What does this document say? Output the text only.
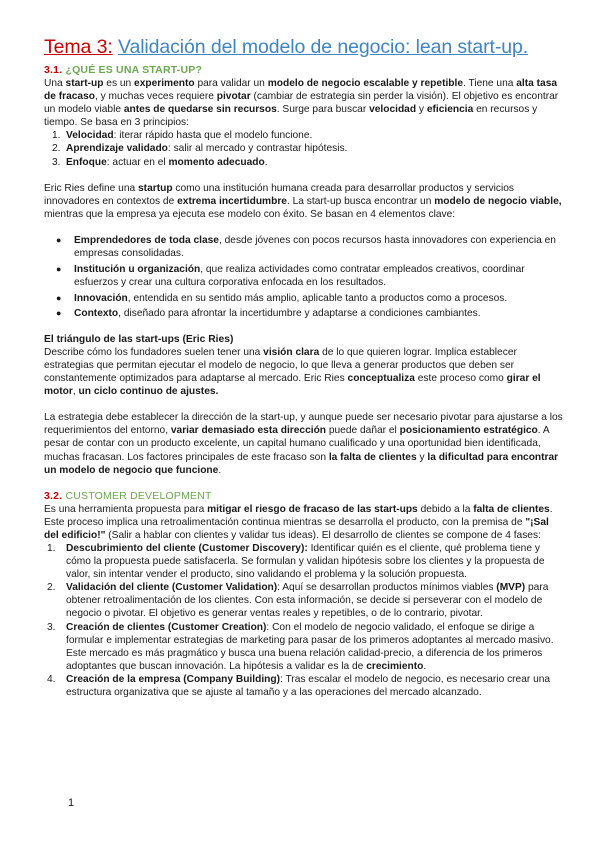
Tema 3: Validación del modelo de negocio: lean start-up.
3.1. ¿QUÉ ES UNA START-UP?

Una start-up es un experimento para validar un modelo de negocio escalable y repetible. Tiene una alta tasa de fracaso, y muchas veces requiere pivotar (cambiar de estrategia sin perder la visión). El objetivo es encontrar un modelo viable antes de quedarse sin recursos. Surge para buscar velocidad y eficiencia en recursos y tiempo. Se basa en 3 principios:

1. Velocidad: iterar rápido hasta que el modelo funcione.
2. Aprendizaje validado: salir al mercado y contrastar hipótesis.
3. Enfoque: actuar en el momento adecuado.

Eric Ries define una startup como una institución humana creada para desarrollar productos y servicios innovadores en contextos de extrema incertidumbre. La start-up busca encontrar un modelo de negocio viable, mientras que la empresa ya ejecuta ese modelo con éxito. Se basan en 4 elementos clave:

● Emprendedores de toda clase, desde jóvenes con pocos recursos hasta innovadores con experiencia en empresas consolidadas.
● Institución u organización, que realiza actividades como contratar empleados creativos, coordinar esfuerzos y crear una cultura corporativa enfocada en los resultados.
● Innovación, entendida en su sentido más amplio, aplicable tanto a productos como a procesos.
● Contexto, diseñado para afrontar la incertidumbre y adaptarse a condiciones cambiantes.
El triángulo de las start-ups (Eric Ries)

Describe cómo los fundadores suelen tener una visión clara de lo que quieren lograr. Implica establecer estrategias que permitan ejecutar el modelo de negocio, lo que lleva a generar productos que deben ser constantemente optimizados para adaptarse al mercado. Eric Ries conceptualiza este proceso como girar el motor, un ciclo continuo de ajustes.

La estrategia debe establecer la dirección de la start-up, y aunque puede ser necesario pivotar para ajustarse a los requerimientos del entorno, variar demasiado esta dirección puede dañar el posicionamiento estratégico. A pesar de contar con un producto excelente, un capital humano cualificado y una oportunidad bien identificada, muchas fracasan. Los factores principales de este fracaso son la falta de clientes y la dificultad para encontrar un modelo de negocio que funcione.

3.2. CUSTOMER DEVELOPMENT

Es una herramienta propuesta para mitigar el riesgo de fracaso de las start-ups debido a la falta de clientes. Este proceso implica una retroalimentación continua mientras se desarrolla el producto, con la premisa de "¡Sal del edificio!" (Salir a hablar con clientes y validar tus ideas). El desarrollo de clientes se compone de 4 fases:

1. Descubrimiento del cliente (Customer Discovery): Identificar quién es el cliente, qué problema tiene y cómo la propuesta puede satisfacerla. Se formulan y validan hipótesis sobre los clientes y la propuesta de valor, sin intentar vender el producto, sino validando el problema y la solución propuesta.
2. Validación del cliente (Customer Validation): Aquí se desarrollan productos mínimos viables (MVP) para obtener retroalimentación de los clientes. Con esta información, se decide si perseverar con el modelo de negocio o pivotar. El objetivo es generar ventas reales y repetibles, o de lo contrario, pivotar.
3. Creación de clientes (Customer Creation): Con el modelo de negocio validado, el enfoque se dirige a formular e implementar estrategias de marketing para pasar de los primeros adoptantes al mercado masivo. Este mercado es más pragmático y busca una buena relación calidad-precio, a diferencia de los primeros adoptantes que buscan innovación. La hipótesis a validar es la de crecimiento.
4. Creación de la empresa (Company Building): Tras escalar el modelo de negocio, es necesario crear una estructura organizativa que se ajuste al tamaño y a las operaciones del mercado alcanzado.
1
